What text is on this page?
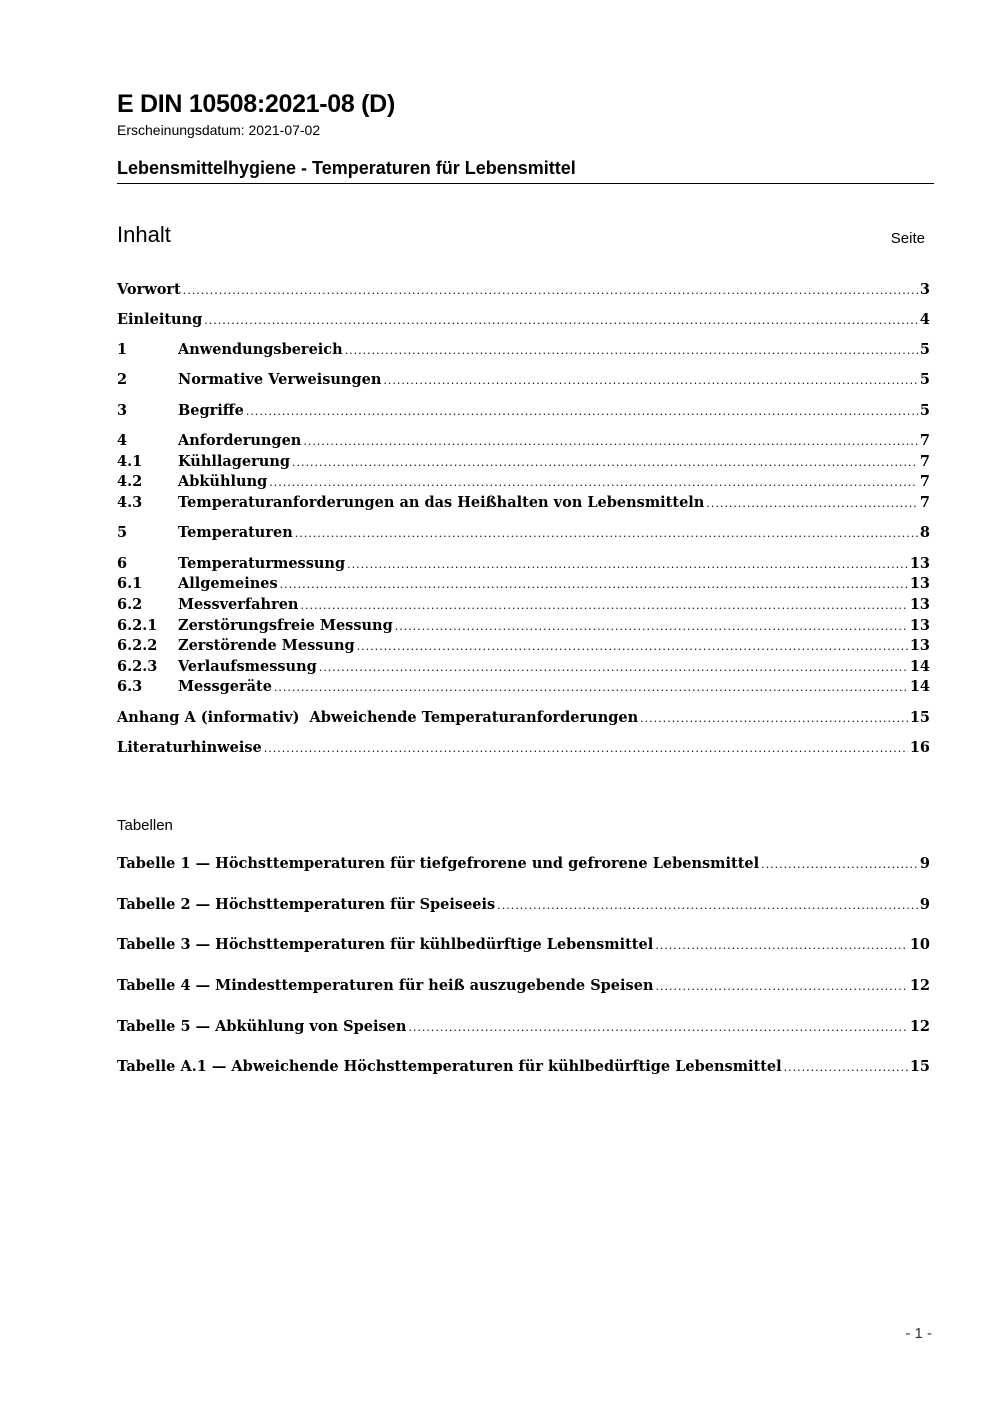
E DIN 10508:2021-08 (D)
Erscheinungsdatum: 2021-07-02
Lebensmittelhygiene - Temperaturen für Lebensmittel
Inhalt	Seite
Vorwort .....	3
Einleitung .....	4
1	Anwendungsbereich .....	5
2	Normative Verweisungen .....	5
3	Begriffe .....	5
4	Anforderungen .....	7
4.1	Kühllagerung .....	7
4.2	Abkühlung .....	7
4.3	Temperaturanforderungen an das Heißhalten von Lebensmitteln .....	7
5	Temperaturen .....	8
6	Temperaturmessung .....	13
6.1	Allgemeines .....	13
6.2	Messverfahren .....	13
6.2.1	Zerstörungsfreie Messung .....	13
6.2.2	Zerstörende Messung .....	13
6.2.3	Verlaufsmessung .....	14
6.3	Messgeräte .....	14
Anhang A (informativ)  Abweichende Temperaturanforderungen .....	15
Literaturhinweise .....	16
Tabelle 1 — Höchsttemperaturen für tiefgefrorene und gefrorene Lebensmittel .....	9
Tabelle 2 — Höchsttemperaturen für Speiseeis .....	9
Tabelle 3 — Höchsttemperaturen für kühlbedürftige Lebensmittel .....	10
Tabelle 4 — Mindesttemperaturen für heiß auszugebende Speisen .....	12
Tabelle 5 — Abkühlung von Speisen .....	12
Tabelle A.1 — Abweichende Höchsttemperaturen für kühlbedürftige Lebensmittel .....	15
Tabellen
- 1 -
